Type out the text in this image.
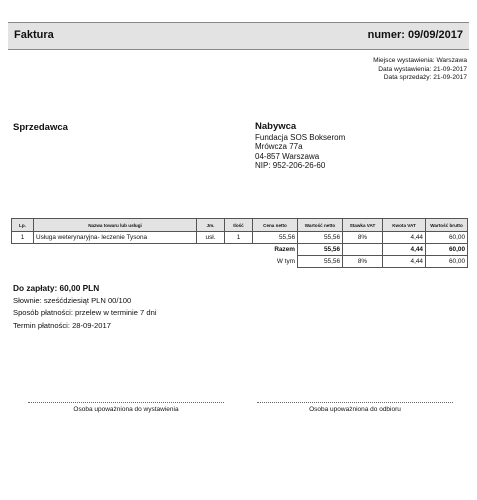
Faktura	numer: 09/09/2017
Miejsce wystawienia: Warszawa
Data wystawienia: 21-09-2017
Data sprzedaży: 21-09-2017
Sprzedawca	Nabywca
Fundacja SOS Bokserom
Mrówcza 77a
04-857 Warszawa
NIP: 952-206-26-60
Lp.	Nazwa towaru lub usługi	Jm.	Ilość	Cena netto	Wartość netto	Stawka VAT	Kwota VAT	Wartość brutto
1	Usługa weterynaryjna- leczenie Tysona	usł.	1	55,56	55,56	8%	4,44	60,00
				Razem	55,56		4,44	60,00
				W tym	55,56	8%	4,44	60,00
Do zapłaty: 60,00 PLN
Słownie: sześćdziesiąt PLN 00/100
Sposób płatności: przelew w terminie 7 dni
Termin płatności: 28-09-2017
Osoba upoważniona do wystawienia	Osoba upoważniona do odbioru
